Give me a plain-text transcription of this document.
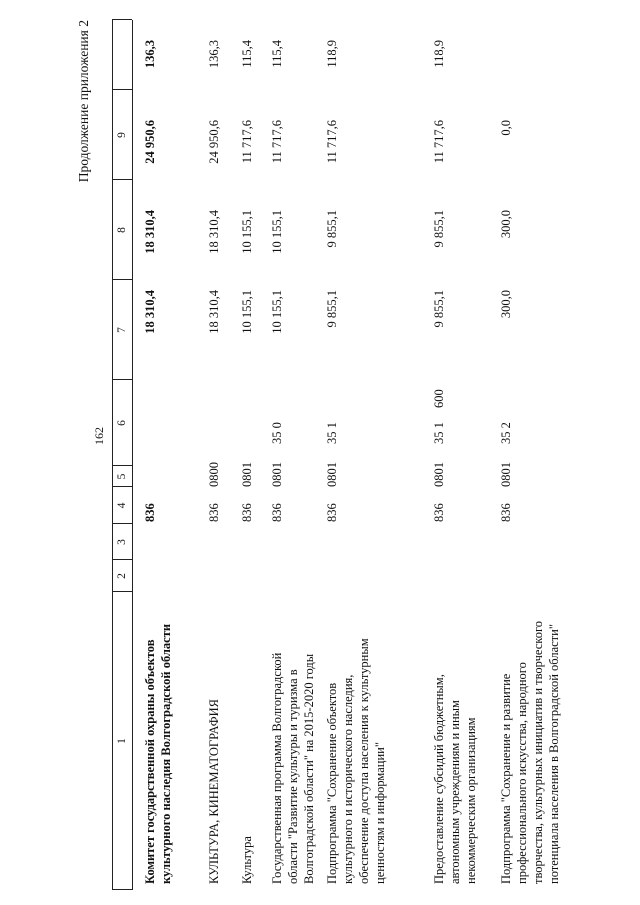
162
Продолжение приложения 2
1
2
3
4
5
6
7
8
9
Комитет государственной охраны объектов культурного наследия Волгоградской области
836
18 310,4
18 310,4
24 950,6
136,3
КУЛЬТУРА, КИНЕМАТОГРАФИЯ
836
0800
18 310,4
18 310,4
24 950,6
136,3
Культура
836
0801
10 155,1
10 155,1
11 717,6
115,4
Государственная программа Волгоградской области "Развитие культуры и туризма в Волгоградской области" на 2015-2020 годы
836
0801
35 0
10 155,1
10 155,1
11 717,6
115,4
Подпрограмма "Сохранение объектов культурного и исторического наследия, обеспечение доступа населения к культурным ценностям и информации"
836
0801
35 1
9 855,1
9 855,1
11 717,6
118,9
Предоставление субсидий бюджетным, автономным учреждениям и иным некоммерческим организациям
836
0801
35 1
600
9 855,1
9 855,1
11 717,6
118,9
Подпрограмма "Сохранение и развитие профессионального искусства, народного творчества, культурных инициатив и творческого потенциала населения в Волгоградской области"
836
0801
35 2
300,0
300,0
0,0
